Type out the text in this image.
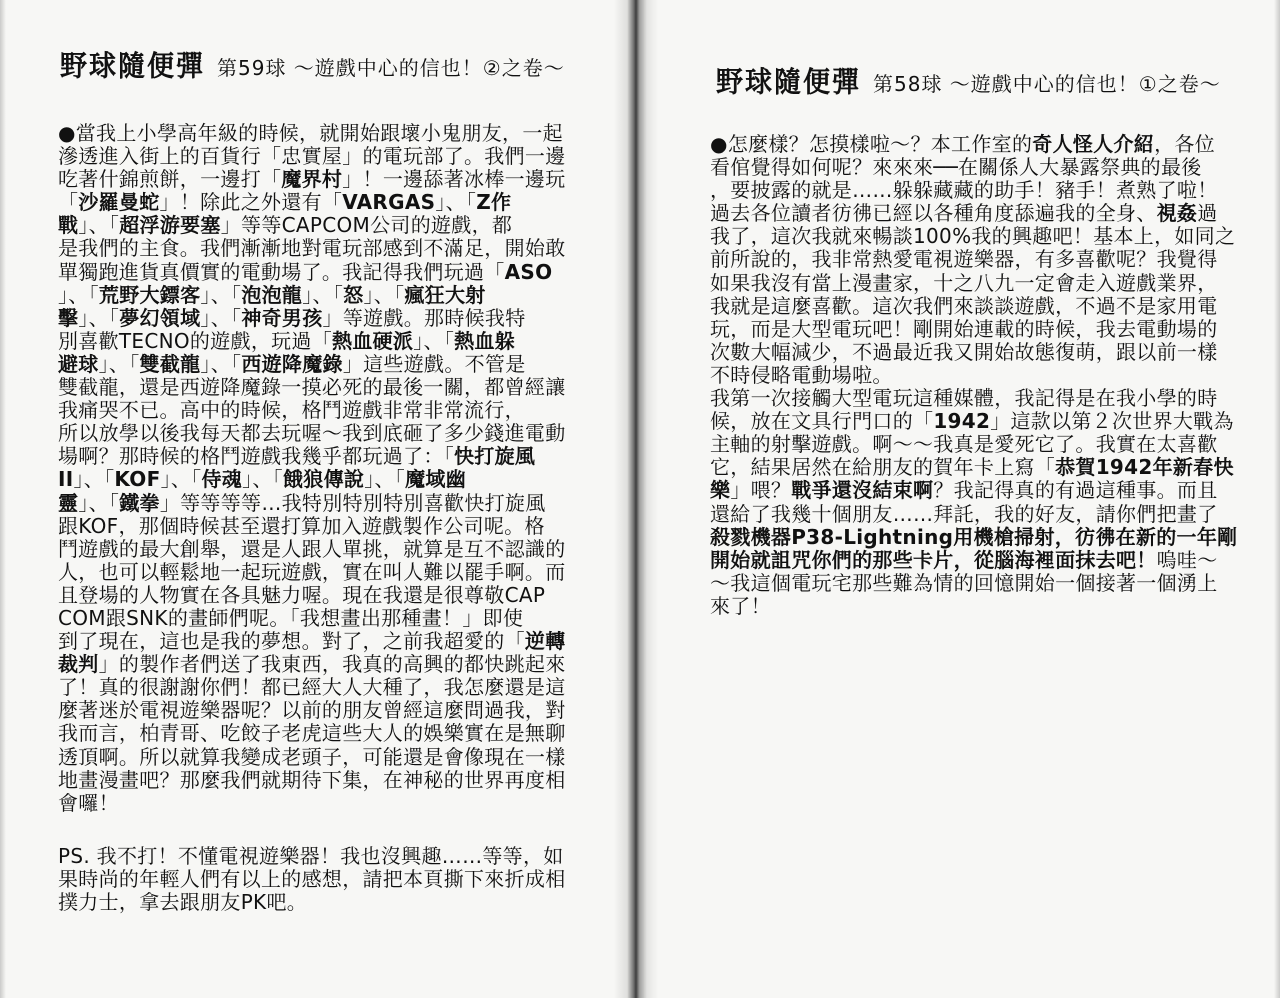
野球隨便彈 第59球 ～遊戲中心的信也！②之卷～
●當我上小學高年級的時候，就開始跟壞小鬼朋友，一起
滲透進入街上的百貨行「忠實屋」的電玩部了。我們一邊
吃著什錦煎餅，一邊打「魔界村」！一邊舔著冰棒一邊玩
「沙羅曼蛇」！除此之外還有「VARGAS」、「Z作
戰」、「超浮游要塞」等等CAPCOM公司的遊戲，都
是我們的主食。我們漸漸地對電玩部感到不滿足，開始敢
單獨跑進貨真價實的電動場了。我記得我們玩過「ASO
」、「荒野大鏢客」、「泡泡龍」、「怒」、「瘋狂大射
擊」、「夢幻領域」、「神奇男孩」等遊戲。那時候我特
別喜歡TECNO的遊戲，玩過「熱血硬派」、「熱血躲
避球」、「雙截龍」、「西遊降魔錄」這些遊戲。不管是
雙截龍，還是西遊降魔錄一摸必死的最後一關，都曾經讓
我痛哭不已。高中的時候，格鬥遊戲非常非常流行，
所以放學以後我每天都去玩喔～我到底砸了多少錢進電動
場啊？那時候的格鬥遊戲我幾乎都玩過了：「快打旋風
II」、「KOF」、「侍魂」、「餓狼傳說」、「魔域幽
靈」、「鐵拳」等等等等…我特別特別特別喜歡快打旋風
跟KOF，那個時候甚至還打算加入遊戲製作公司呢。格
鬥遊戲的最大創舉，還是人跟人單挑，就算是互不認識的
人，也可以輕鬆地一起玩遊戲，實在叫人難以罷手啊。而
且登場的人物實在各具魅力喔。現在我還是很尊敬CAP
COM跟SNK的畫師們呢。「我想畫出那種畫！」即使
到了現在，這也是我的夢想。對了，之前我超愛的「逆轉
裁判」的製作者們送了我東西，我真的高興的都快跳起來
了！真的很謝謝你們！都已經大人大種了，我怎麼還是這
麼著迷於電視遊樂器呢？以前的朋友曾經這麼問過我，對
我而言，柏青哥、吃餃子老虎這些大人的娛樂實在是無聊
透頂啊。所以就算我變成老頭子，可能還是會像現在一樣
地畫漫畫吧？那麼我們就期待下集，在神秘的世界再度相
會囉！
PS. 我不打！不懂電視遊樂器！我也沒興趣……等等，如
果時尚的年輕人們有以上的感想，請把本頁撕下來折成相
撲力士，拿去跟朋友PK吧。
野球隨便彈 第58球 ～遊戲中心的信也！①之卷～
●怎麼樣？怎摸樣啦～？本工作室的奇人怪人介紹，各位
看倌覺得如何呢？來來來──在關係人大暴露祭典的最後
，要披露的就是……躲躲藏藏的助手！豬手！煮熟了啦！
過去各位讀者彷彿已經以各種角度舔遍我的全身、視姦過
我了，這次我就來暢談100%我的興趣吧！基本上，如同之
前所說的，我非常熱愛電視遊樂器，有多喜歡呢？我覺得
如果我沒有當上漫畫家，十之八九一定會走入遊戲業界，
我就是這麼喜歡。這次我們來談談遊戲，不過不是家用電
玩，而是大型電玩吧！剛開始連載的時候，我去電動場的
次數大幅減少，不過最近我又開始故態復萌，跟以前一樣
不時侵略電動場啦。
我第一次接觸大型電玩這種媒體，我記得是在我小學的時
候，放在文具行門口的「1942」這款以第２次世界大戰為
主軸的射擊遊戲。啊～～我真是愛死它了。我實在太喜歡
它，結果居然在給朋友的賀年卡上寫「恭賀1942年新春快
樂」喂？戰爭還沒結束啊？我記得真的有過這種事。而且
還給了我幾十個朋友……拜託，我的好友，請你們把畫了
殺戮機器P38-Lightning用機槍掃射，彷彿在新的一年剛
開始就詛咒你們的那些卡片，從腦海裡面抹去吧！嗚哇～
～我這個電玩宅那些難為情的回憶開始一個接著一個湧上
來了！
